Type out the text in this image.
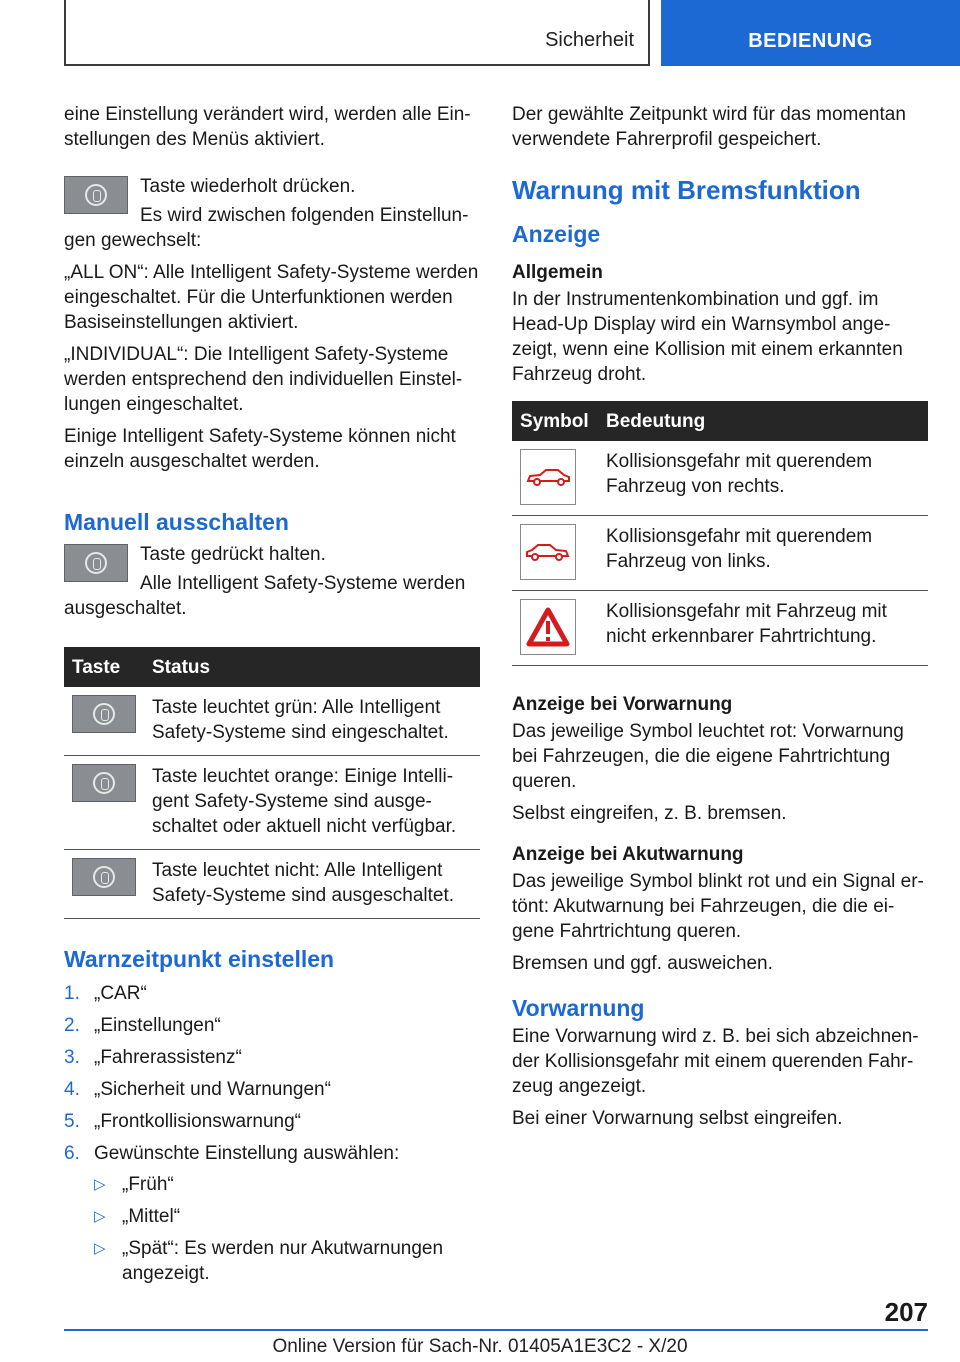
Sicherheit	BEDIENUNG

eine Einstellung verändert wird, werden alle Einstellungen des Menüs aktiviert.

Taste wiederholt drücken.

Es wird zwischen folgenden Einstellungen gewechselt:

„ALL ON“: Alle Intelligent Safety-Systeme werden eingeschaltet. Für die Unterfunktionen werden Basiseinstellungen aktiviert.

„INDIVIDUAL“: Die Intelligent Safety-Systeme werden entsprechend den individuellen Einstellungen eingeschaltet.

Einige Intelligent Safety-Systeme können nicht einzeln ausgeschaltet werden.

Manuell ausschalten

Taste gedrückt halten.

Alle Intelligent Safety-Systeme werden ausgeschaltet.

Taste	Status

	Taste leuchtet grün: Alle Intelligent Safety-Systeme sind eingeschaltet.

	Taste leuchtet orange: Einige Intelligent Safety-Systeme sind ausgeschaltet oder aktuell nicht verfügbar.

	Taste leuchtet nicht: Alle Intelligent Safety-Systeme sind ausgeschaltet.
Warnzeitpunkt einstellen
1. „CAR“
2. „Einstellungen“
3. „Fahrerassistenz“
4. „Sicherheit und Warnungen“
5. „Frontkollisionswarnung“
6. Gewünschte Einstellung auswählen:
▷ „Früh“
▷ „Mittel“
▷ „Spät“: Es werden nur Akutwarnungen angezeigt.

Der gewählte Zeitpunkt wird für das momentan verwendete Fahrerprofil gespeichert.

Warnung mit Bremsfunktion
Anzeige
Allgemein

In der Instrumentenkombination und ggf. im Head-Up Display wird ein Warnsymbol angezeigt, wenn eine Kollision mit einem erkannten Fahrzeug droht.

Symbol	Bedeutung

	Kollisionsgefahr mit querendem Fahrzeug von rechts.

	Kollisionsgefahr mit querendem Fahrzeug von links.

	Kollisionsgefahr mit Fahrzeug mit nicht erkennbarer Fahrtrichtung.
Anzeige bei Vorwarnung

Das jeweilige Symbol leuchtet rot: Vorwarnung bei Fahrzeugen, die die eigene Fahrtrichtung queren.

Selbst eingreifen, z. B. bremsen.

Anzeige bei Akutwarnung

Das jeweilige Symbol blinkt rot und ein Signal ertönt: Akutwarnung bei Fahrzeugen, die die eigene Fahrtrichtung queren.

Bremsen und ggf. ausweichen.

Vorwarnung

Eine Vorwarnung wird z. B. bei sich abzeichnender Kollisionsgefahr mit einem querenden Fahrzeug angezeigt.

Bei einer Vorwarnung selbst eingreifen.

207
Online Version für Sach-Nr. 01405A1E3C2 - X/20
